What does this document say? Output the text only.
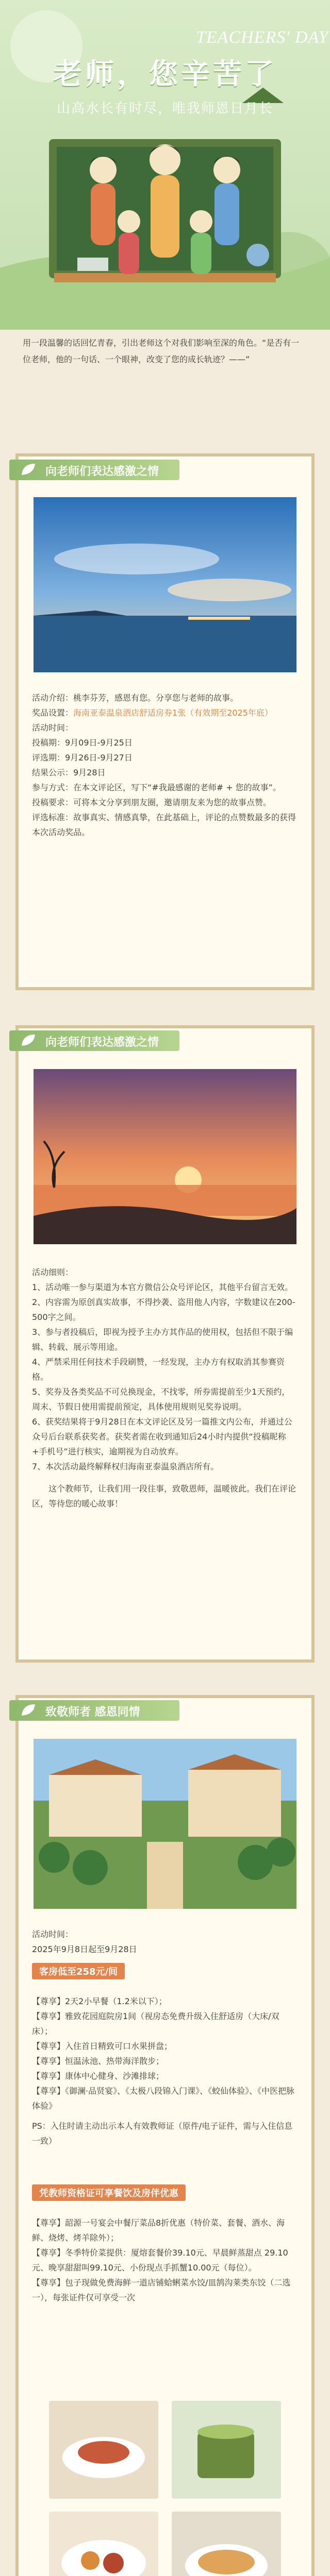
TEACHERS' DAY
老师，您辛苦了
山高水长有时尽，唯我师恩日月长
用一段温馨的话回忆青春，引出老师这个对我们影响至深的角色。“是否有一位老师，他的一句话、一个眼神，改变了您的成长轨迹？——”
向老师们表达感激之情

活动介绍：桃李芬芳，感恩有您。分享您与老师的故事。

奖品设置：海南亚泰温泉酒店舒适房券1张（有效期至2025年底）

活动时间：

投稿期：9月09日-9月25日

评选期：9月26日-9月27日

结果公示：9月28日

参与方式：在本文评论区，写下“#我最感谢的老师# + 您的故事”。

投稿要求：可将本文分享到朋友圈，邀请朋友来为您的故事点赞。

评选标准：故事真实、情感真挚，在此基础上，评论的点赞数最多的获得本次活动奖品。

向老师们表达感激之情

活动细则：

1、活动唯一参与渠道为本官方微信公众号评论区，其他平台留言无效。

2、内容需为原创真实故事，不得抄袭、盗用他人内容，字数建议在200-500字之间。

3、参与者投稿后，即视为授予主办方其作品的使用权，包括但不限于编辑、转载、展示等用途。

4、严禁采用任何技术手段刷赞，一经发现，主办方有权取消其参赛资格。

5、奖券及各类奖品不可兑换现金，不找零，所券需提前至少1天预约，周末、节假日使用需提前预定，具体使用规则见奖券说明。

6、获奖结果将于9月28日在本文评论区及另一篇推文内公布，并通过公众号后台联系获奖者。获奖者需在收到通知后24小时内提供“投稿昵称+手机号”进行核实，逾期视为自动放弃。

7、本次活动最终解释权归海南亚泰温泉酒店所有。

这个教师节，让我们用一段往事，致敬恩师，温暖彼此。我们在评论区，等待您的暖心故事！

致敬师者 感恩同情

活动时间：

2025年9月8日起至9月28日

客房低至258元/间

【尊享】2天2小早餐（1.2米以下）；

【尊享】雅致花园庭院房1间（视房态免费升级入住舒适房（大床/双床）；

【尊享】入住首日精致可口水果拼盘；

【尊享】恒温泳池、热带海洋散步；

【尊享】康体中心健身、沙滩排球；

【尊享】《御澜·品贤宴》、《太极八段锦入门课》、《蛟仙体验》、《中医把脉体验》

PS：入住时请主动出示本人有效教师证（原件/电子证件，需与入住信息一致）

凭教师资格证可享餐饮及房伴优惠

【尊享】韶源一号宴会中餐厅菜品8折优惠（特价菜、套餐、酒水、海鲜、烧烤、烤羊除外）；

【尊享】冬季特价菜提供：厦熔套餐价39.10元、早晨鲜蒸甜点 29.10元、晚享甜甜叫99.10元、小份现点手抓蟹10.00元（每位）。

【尊享】包子现做免费海鲜一道店铺蛤蜊菜水饺/皿鹄沟莱类东饺（二选一），每张证件仅可享受一次
